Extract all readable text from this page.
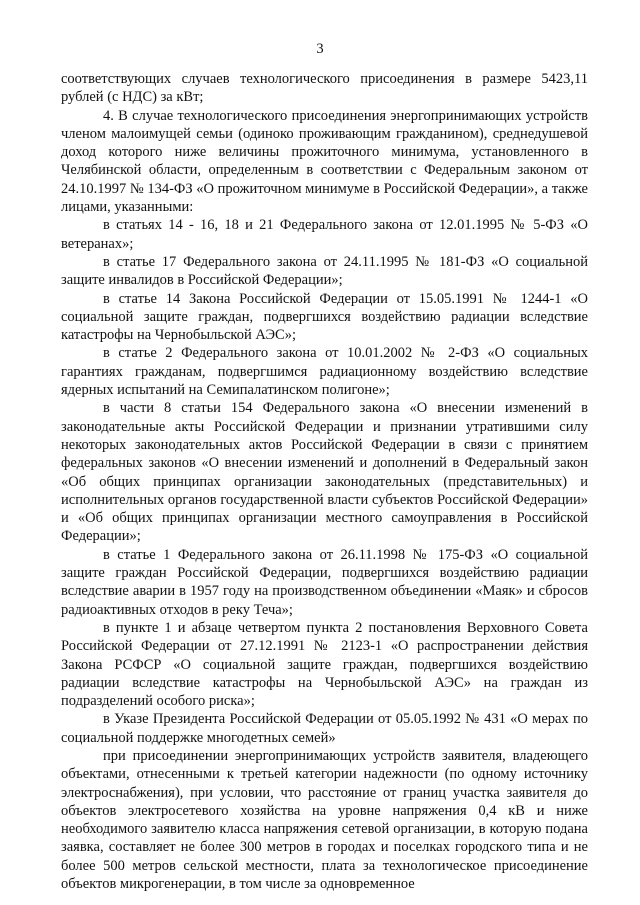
3

соответствующих случаев технологического присоединения в размере 5423,11 рублей (с НДС) за кВт;

4. В случае технологического присоединения энергопринимающих устройств членом малоимущей семьи (одиноко проживающим гражданином), среднедушевой доход которого ниже величины прожиточного минимума, установленного в Челябинской области, определенным в соответствии с Федеральным законом от 24.10.1997 № 134-ФЗ «О прожиточном минимуме в Российской Федерации», а также лицами, указанными:

в статьях 14 - 16, 18 и 21 Федерального закона от 12.01.1995 № 5-ФЗ «О ветеранах»;

в статье 17 Федерального закона от 24.11.1995 № 181-ФЗ «О социальной защите инвалидов в Российской Федерации»;

в статье 14 Закона Российской Федерации от 15.05.1991 № 1244-1 «О социальной защите граждан, подвергшихся воздействию радиации вследствие катастрофы на Чернобыльской АЭС»;

в статье 2 Федерального закона от 10.01.2002 № 2-ФЗ «О социальных гарантиях гражданам, подвергшимся радиационному воздействию вследствие ядерных испытаний на Семипалатинском полигоне»;

в части 8 статьи 154 Федерального закона «О внесении изменений в законодательные акты Российской Федерации и признании утратившими силу некоторых законодательных актов Российской Федерации в связи с принятием федеральных законов «О внесении изменений и дополнений в Федеральный закон «Об общих принципах организации законодательных (представительных) и исполнительных органов государственной власти субъектов Российской Федерации» и «Об общих принципах организации местного самоуправления в Российской Федерации»;

в статье 1 Федерального закона от 26.11.1998 № 175-ФЗ «О социальной защите граждан Российской Федерации, подвергшихся воздействию радиации вследствие аварии в 1957 году на производственном объединении «Маяк» и сбросов радиоактивных отходов в реку Теча»;

в пункте 1 и абзаце четвертом пункта 2 постановления Верховного Совета Российской Федерации от 27.12.1991 № 2123-1 «О распространении действия Закона РСФСР «О социальной защите граждан, подвергшихся воздействию радиации вследствие катастрофы на Чернобыльской АЭС» на граждан из подразделений особого риска»;

в Указе Президента Российской Федерации от 05.05.1992 № 431 «О мерах по социальной поддержке многодетных семей»

при присоединении энергопринимающих устройств заявителя, владеющего объектами, отнесенными к третьей категории надежности (по одному источнику электроснабжения), при условии, что расстояние от границ участка заявителя до объектов электросетевого хозяйства на уровне напряжения 0,4 кВ и ниже необходимого заявителю класса напряжения сетевой организации, в которую подана заявка, составляет не более 300 метров в городах и поселках городского типа и не более 500 метров сельской местности, плата за технологическое присоединение объектов микрогенерации, в том числе за одновременное
